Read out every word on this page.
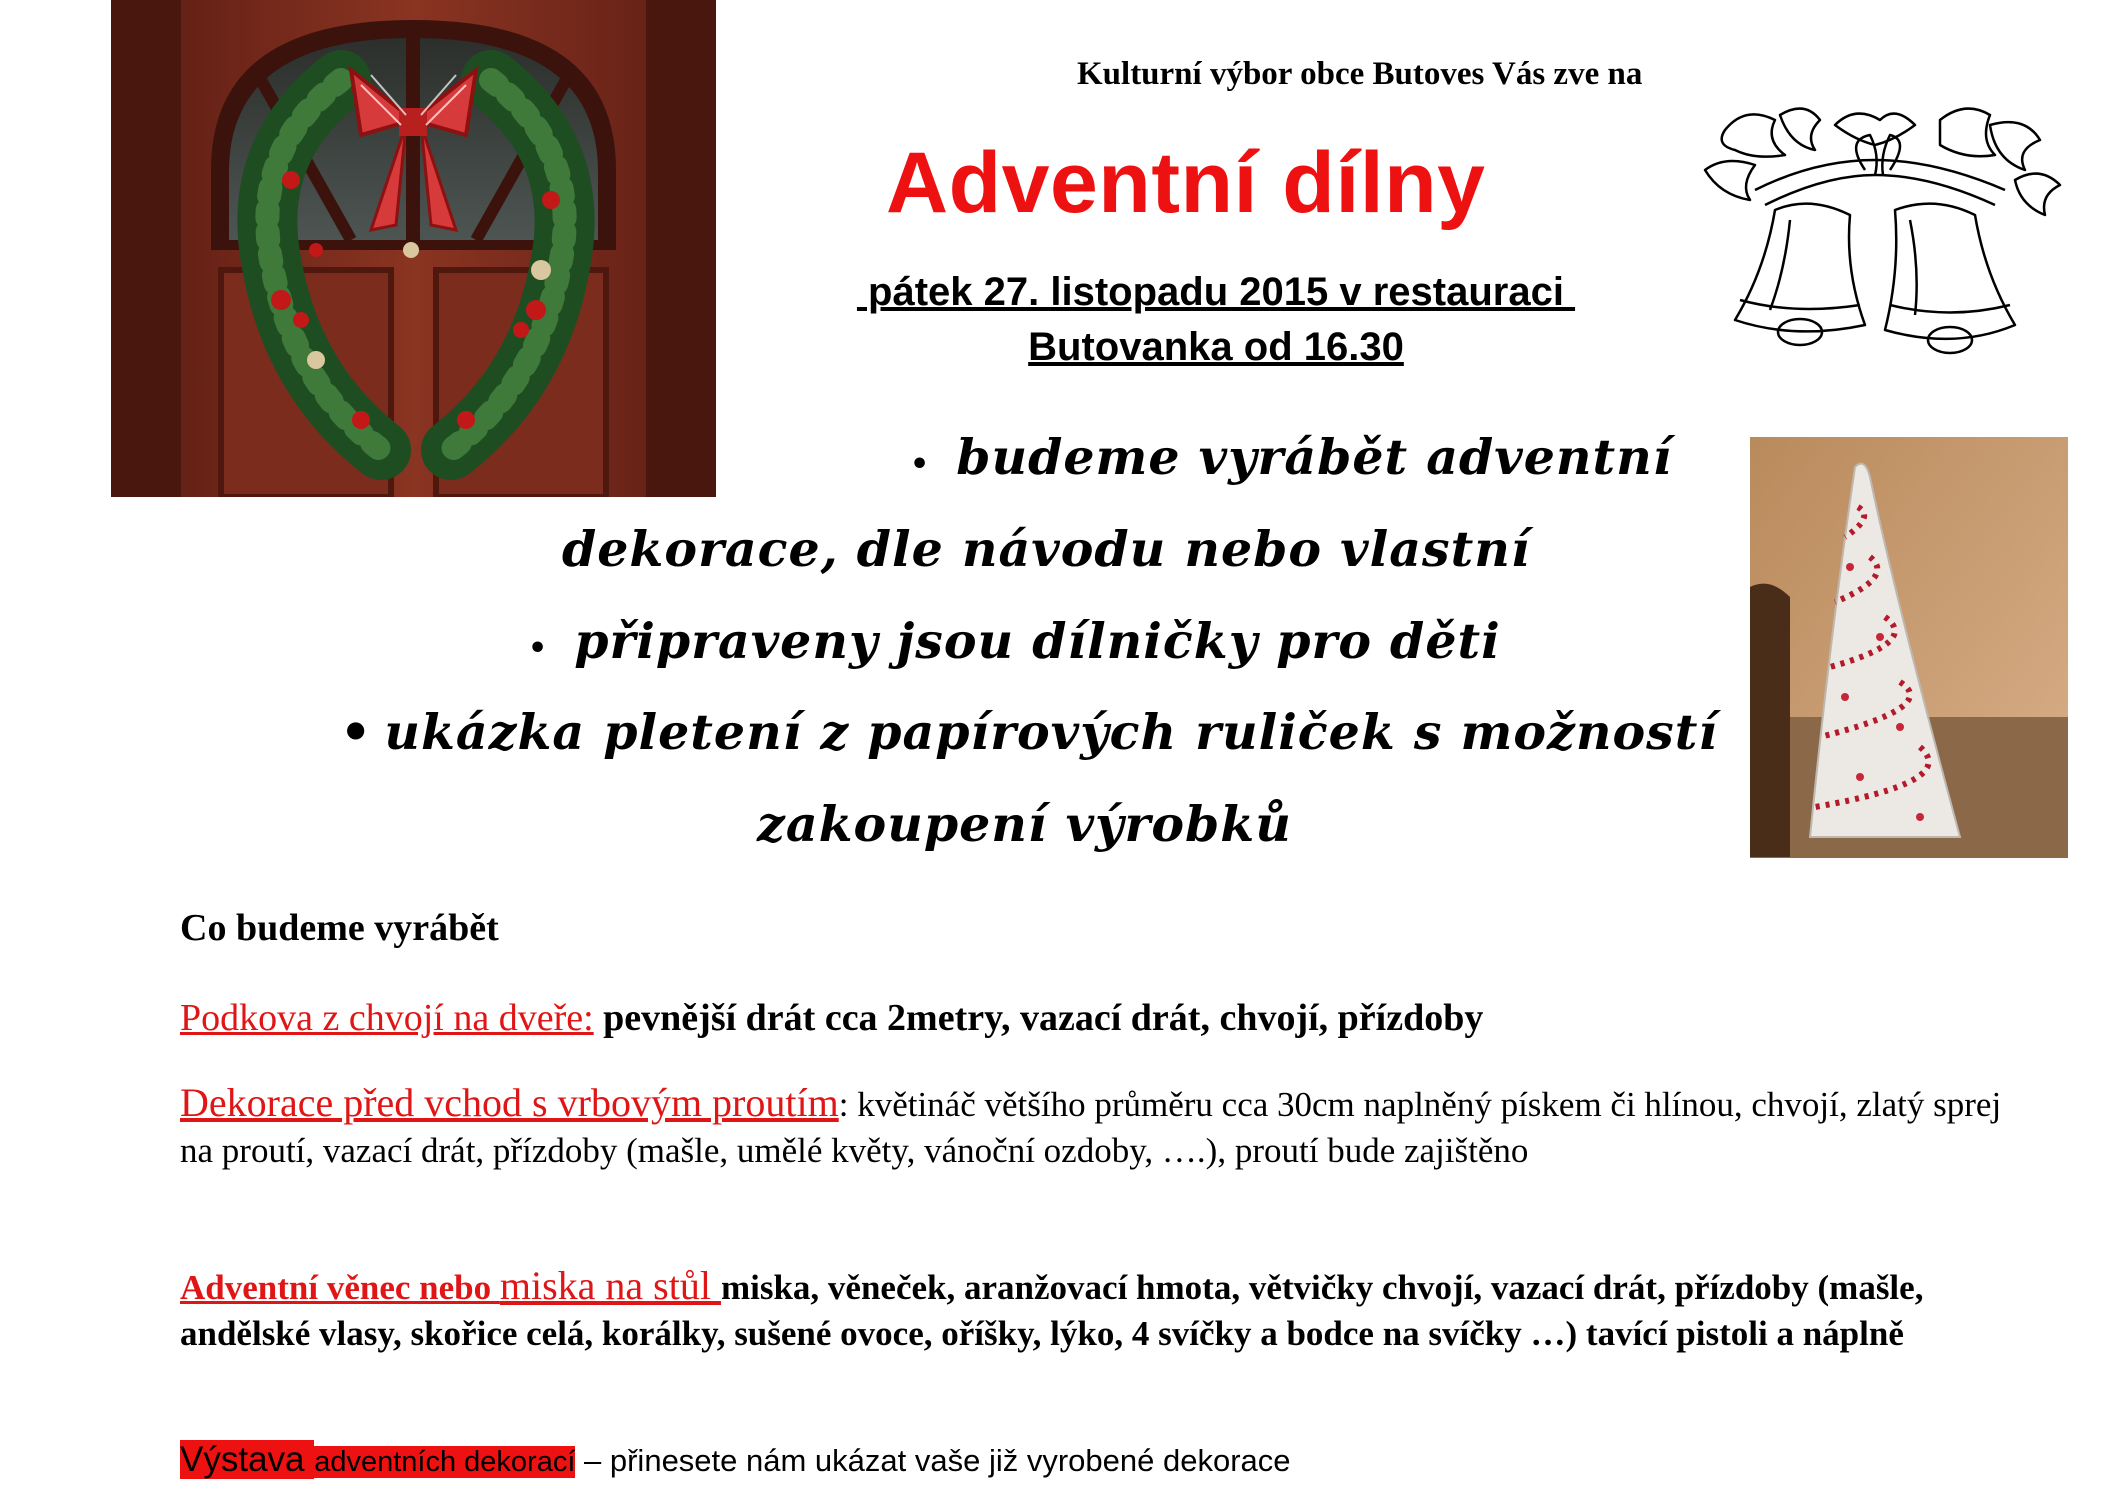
Kulturní výbor obce Butoves Vás zve na
Adventní dílny
pátek 27. listopadu 2015 v restauraci
Butovanka od 16.30
• budeme vyrábět adventní
dekorace, dle návodu nebo vlastní
• připraveny jsou dílničky pro děti
• ukázka pletení z papírových ruliček s možností
zakoupení výrobků
Co budeme vyrábět
Podkova z chvojí na dveře: pevnější drát cca 2metry, vazací drát, chvojí, přízdoby
Dekorace před vchod s vrbovým proutím: květináč většího průměru cca 30cm naplněný pískem či hlínou, chvojí, zlatý sprej na proutí, vazací drát, přízdoby (mašle, umělé květy, vánoční ozdoby, ….), proutí bude zajištěno
Adventní věnec nebo miska na stůl miska, věneček, aranžovací hmota, větvičky chvojí, vazací drát, přízdoby (mašle, andělské vlasy, skořice celá, korálky, sušené ovoce, oříšky, lýko, 4 svíčky a bodce na svíčky …) tavící pistoli a náplně
Výstava adventních dekorací – přinesete nám ukázat vaše již vyrobené dekorace
